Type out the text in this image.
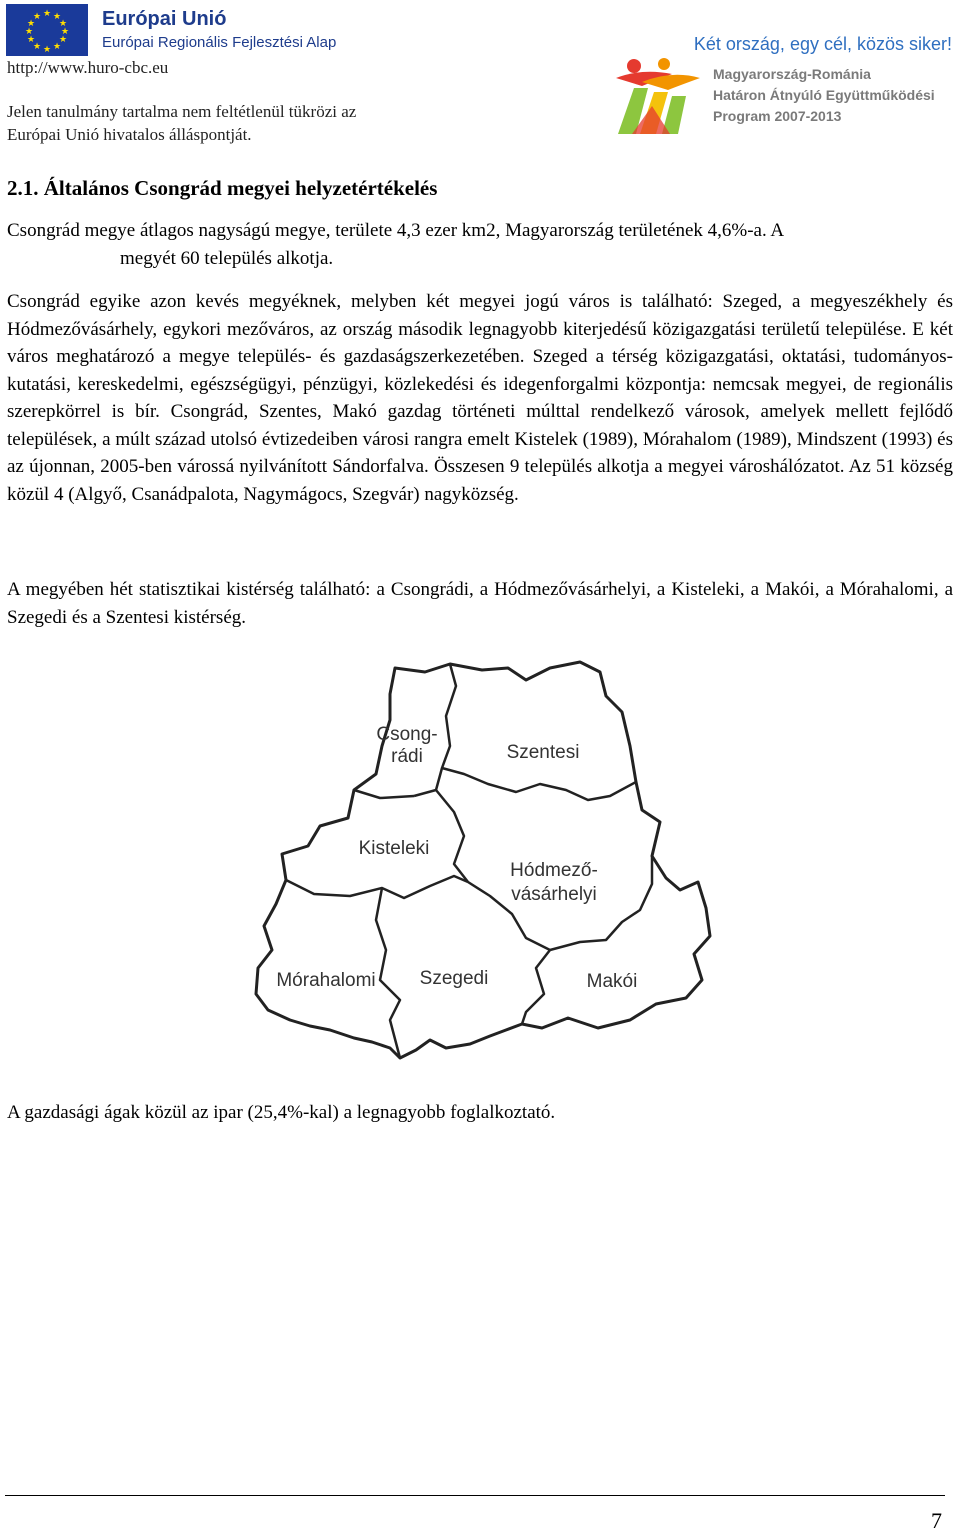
★ ★
★
★
★
★
★
★
★
★
★
★	Európai Unió
Európai Regionális Fejlesztési Alap
http://www.huro-cbc.eu
Jelen tanulmány tartalma nem feltétlenül tükrözi az
Európai Unió hivatalos álláspontját.
Két ország, egy cél, közös siker!
Magyarország-Románia
Határon Átnyúló Együttműködési
Program 2007-2013
2.1. Általános Csongrád megyei helyzetértékelés

Csongrád megye átlagos nagyságú megye, területe 4,3 ezer km2, Magyarország területének 4,6%-a. A
megyét 60 település alkotja.

Csongrád egyike azon kevés megyéknek, melyben két megyei jogú város is található: Szeged, a megyeszékhely és Hódmezővásárhely, egykori mezőváros, az ország második legnagyobb kiterjedésű közigazgatási területű települése. E két város meghatározó a megye település- és gazdaságszerkezetében. Szeged a térség közigazgatási, oktatási, tudományos-kutatási, kereskedelmi, egészségügyi, pénzügyi, közlekedési és idegenforgalmi központja: nemcsak megyei, de regionális szerepkörrel is bír. Csongrád, Szentes, Makó gazdag történeti múlttal rendelkező városok, amelyek mellett fejlődő települések, a múlt század utolsó évtizedeiben városi rangra emelt Kistelek (1989), Mórahalom (1989), Mindszent (1993) és az újonnan, 2005-ben várossá nyilvánított Sándorfalva. Összesen 9 település alkotja a megyei városhálózatot. Az 51 község közül 4 (Algyő, Csanádpalota, Nagymágocs, Szegvár) nagyközség.

A megyében hét statisztikai kistérség található: a Csongrádi, a Hódmezővásárhelyi, a Kisteleki, a Makói, a Mórahalomi, a Szegedi és a Szentesi kistérség.

Csong-
rádi	Szentesi
Kisteleki
Hódmező-
vásárhelyi
Mórahalomi Szegedi	Makói

A gazdasági ágak közül az ipar (25,4%-kal) a legnagyobb foglalkoztató.

7
